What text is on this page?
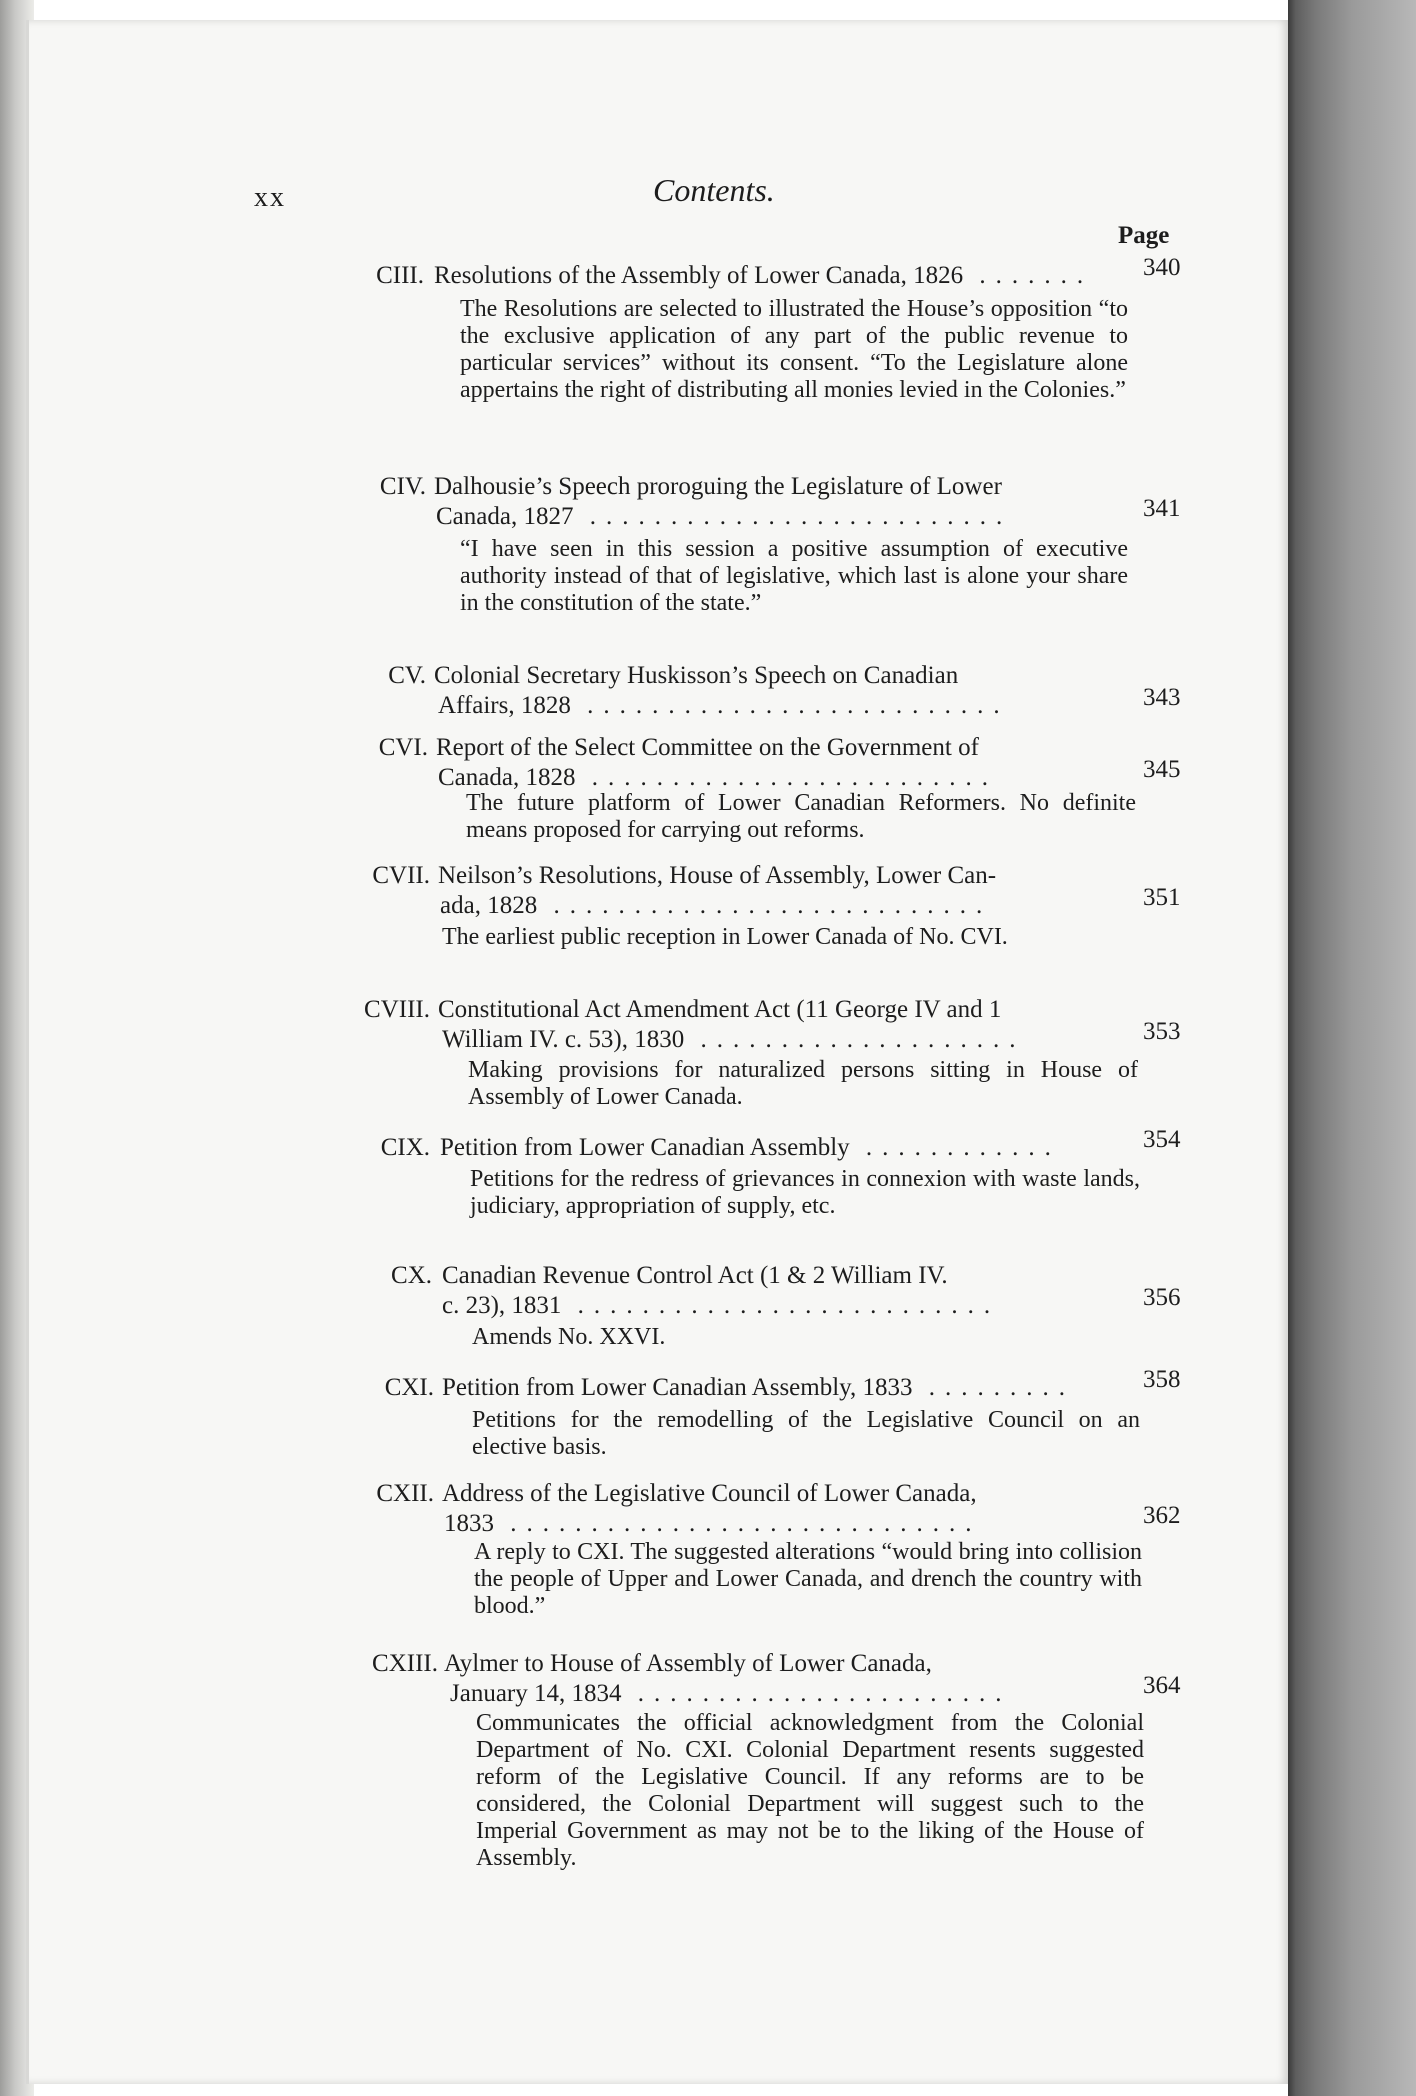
xx	Contents.
Page
CIII. Resolutions of the Assembly of Lower Canada, 1826 ....... 340
The Resolutions are selected to illustrated the House’s opposition “to the exclusive application of any part of the public revenue to particular services” without its consent. “To the Legislature alone appertains the right of distributing all monies levied in the Colonies.”
CIV. Dalhousie’s Speech proroguing the Legislature of Lower
Canada, 1827 ..........................	341
“I have seen in this session a positive assumption of executive authority instead of that of legislative, which last is alone your share in the constitution of the state.”
CV. Colonial Secretary Huskisson’s Speech on Canadian
Affairs, 1828 ..........................	343
CVI. Report of the Select Committee on the Government of
Canada, 1828 .........................	345
The future platform of Lower Canadian Reformers. No definite means proposed for carrying out reforms.
CVII. Neilson’s Resolutions, House of Assembly, Lower Can-
ada, 1828 ...........................	351
The earliest public reception in Lower Canada of No. CVI.
CVIII. Constitutional Act Amendment Act (11 George IV and 1
William IV. c. 53), 1830 ....................	353
Making provisions for naturalized persons sitting in House of Assembly of Lower Canada.
CIX. Petition from Lower Canadian Assembly ............	354
Petitions for the redress of grievances in connexion with waste lands, judiciary, appropriation of supply, etc.
CX. Canadian Revenue Control Act (1 & 2 William IV.
c. 23), 1831 ..........................	356
Amends No. XXVI.
CXI. Petition from Lower Canadian Assembly, 1833 .........	358
Petitions for the remodelling of the Legislative Council on an elective basis.
CXII. Address of the Legislative Council of Lower Canada,
1833 .............................	362
A reply to CXI. The suggested alterations “would bring into collision the people of Upper and Lower Canada, and drench the country with blood.”
CXIII. Aylmer to House of Assembly of Lower Canada,
January 14, 1834 .......................	364
Communicates the official acknowledgment from the Colonial Department of No. CXI. Colonial Department resents suggested reform of the Legislative Council. If any reforms are to be considered, the Colonial Department will suggest such to the Imperial Government as may not be to the liking of the House of Assembly.
